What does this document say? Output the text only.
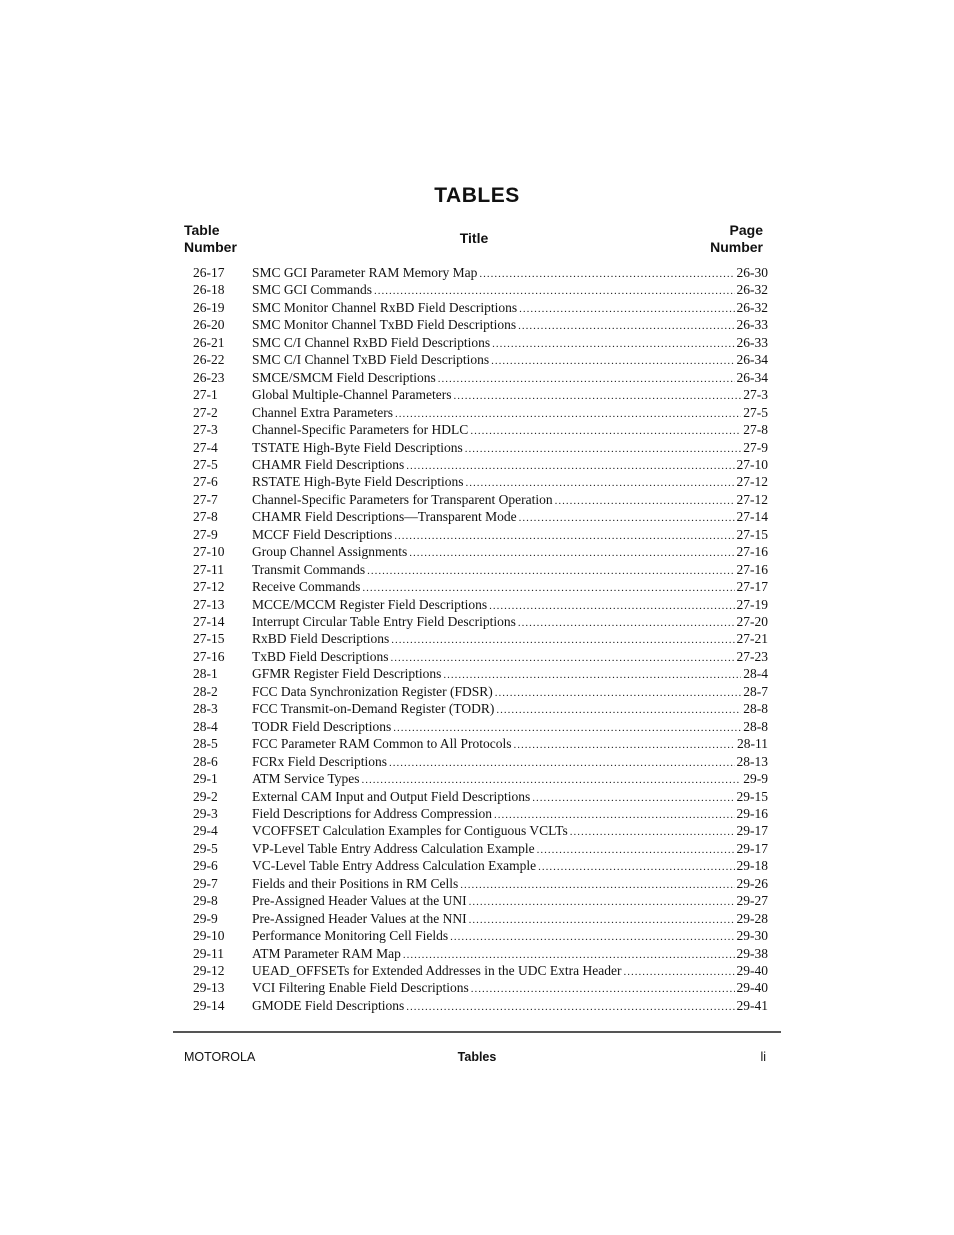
TABLES
Table
Number
Title	Page
Number
26-17 SMC GCI Parameter RAM Memory Map .....	26-30
26-18 SMC GCI Commands .....	26-32
26-19 SMC Monitor Channel RxBD Field Descriptions .....	26-32
26-20 SMC Monitor Channel TxBD Field Descriptions .....	26-33
26-21 SMC C/I Channel RxBD Field Descriptions .....	26-33
26-22 SMC C/I Channel TxBD Field Descriptions .....	26-34
26-23 SMCE/SMCM Field Descriptions .....	26-34
27-1	Global Multiple-Channel Parameters .....	27-3
27-2	Channel Extra Parameters .....	27-5
27-3	Channel-Specific Parameters for HDLC .....	27-8
27-4	TSTATE High-Byte Field Descriptions .....	27-9
27-5	CHAMR Field Descriptions .....	27-10
27-6	RSTATE High-Byte Field Descriptions .....	27-12
27-7	Channel-Specific Parameters for Transparent Operation .....	27-12
27-8	CHAMR Field Descriptions—Transparent Mode .....	27-14
27-9	MCCF Field Descriptions .....	27-15
27-10 Group Channel Assignments .....	27-16
27-11 Transmit Commands .....	27-16
27-12 Receive Commands .....	27-17
27-13 MCCE/MCCM Register Field Descriptions .....	27-19
27-14 Interrupt Circular Table Entry Field Descriptions .....	27-20
27-15 RxBD Field Descriptions .....	27-21
27-16 TxBD Field Descriptions .....	27-23
28-1	GFMR Register Field Descriptions .....	28-4
28-2	FCC Data Synchronization Register (FDSR) .....	28-7
28-3	FCC Transmit-on-Demand Register (TODR) .....	28-8
28-4	TODR Field Descriptions .....	28-8
28-5	FCC Parameter RAM Common to All Protocols .....	28-11
28-6	FCRx Field Descriptions .....	28-13
29-1	ATM Service Types .....	29-9
29-2	External CAM Input and Output Field Descriptions .....	29-15
29-3	Field Descriptions for Address Compression .....	29-16
29-4	VCOFFSET Calculation Examples for Contiguous VCLTs .....	29-17
29-5	VP-Level Table Entry Address Calculation Example .....	29-17
29-6	VC-Level Table Entry Address Calculation Example .....	29-18
29-7	Fields and their Positions in RM Cells .....	29-26
29-8	Pre-Assigned Header Values at the UNI .....	29-27
29-9	Pre-Assigned Header Values at the NNI .....	29-28
29-10 Performance Monitoring Cell Fields .....	29-30
29-11 ATM Parameter RAM Map .....	29-38
29-12 UEAD_OFFSETs for Extended Addresses in the UDC Extra Header .....	29-40
29-13 VCI Filtering Enable Field Descriptions .....	29-40
29-14 GMODE Field Descriptions .....	29-41
MOTOROLA	Tables	li
